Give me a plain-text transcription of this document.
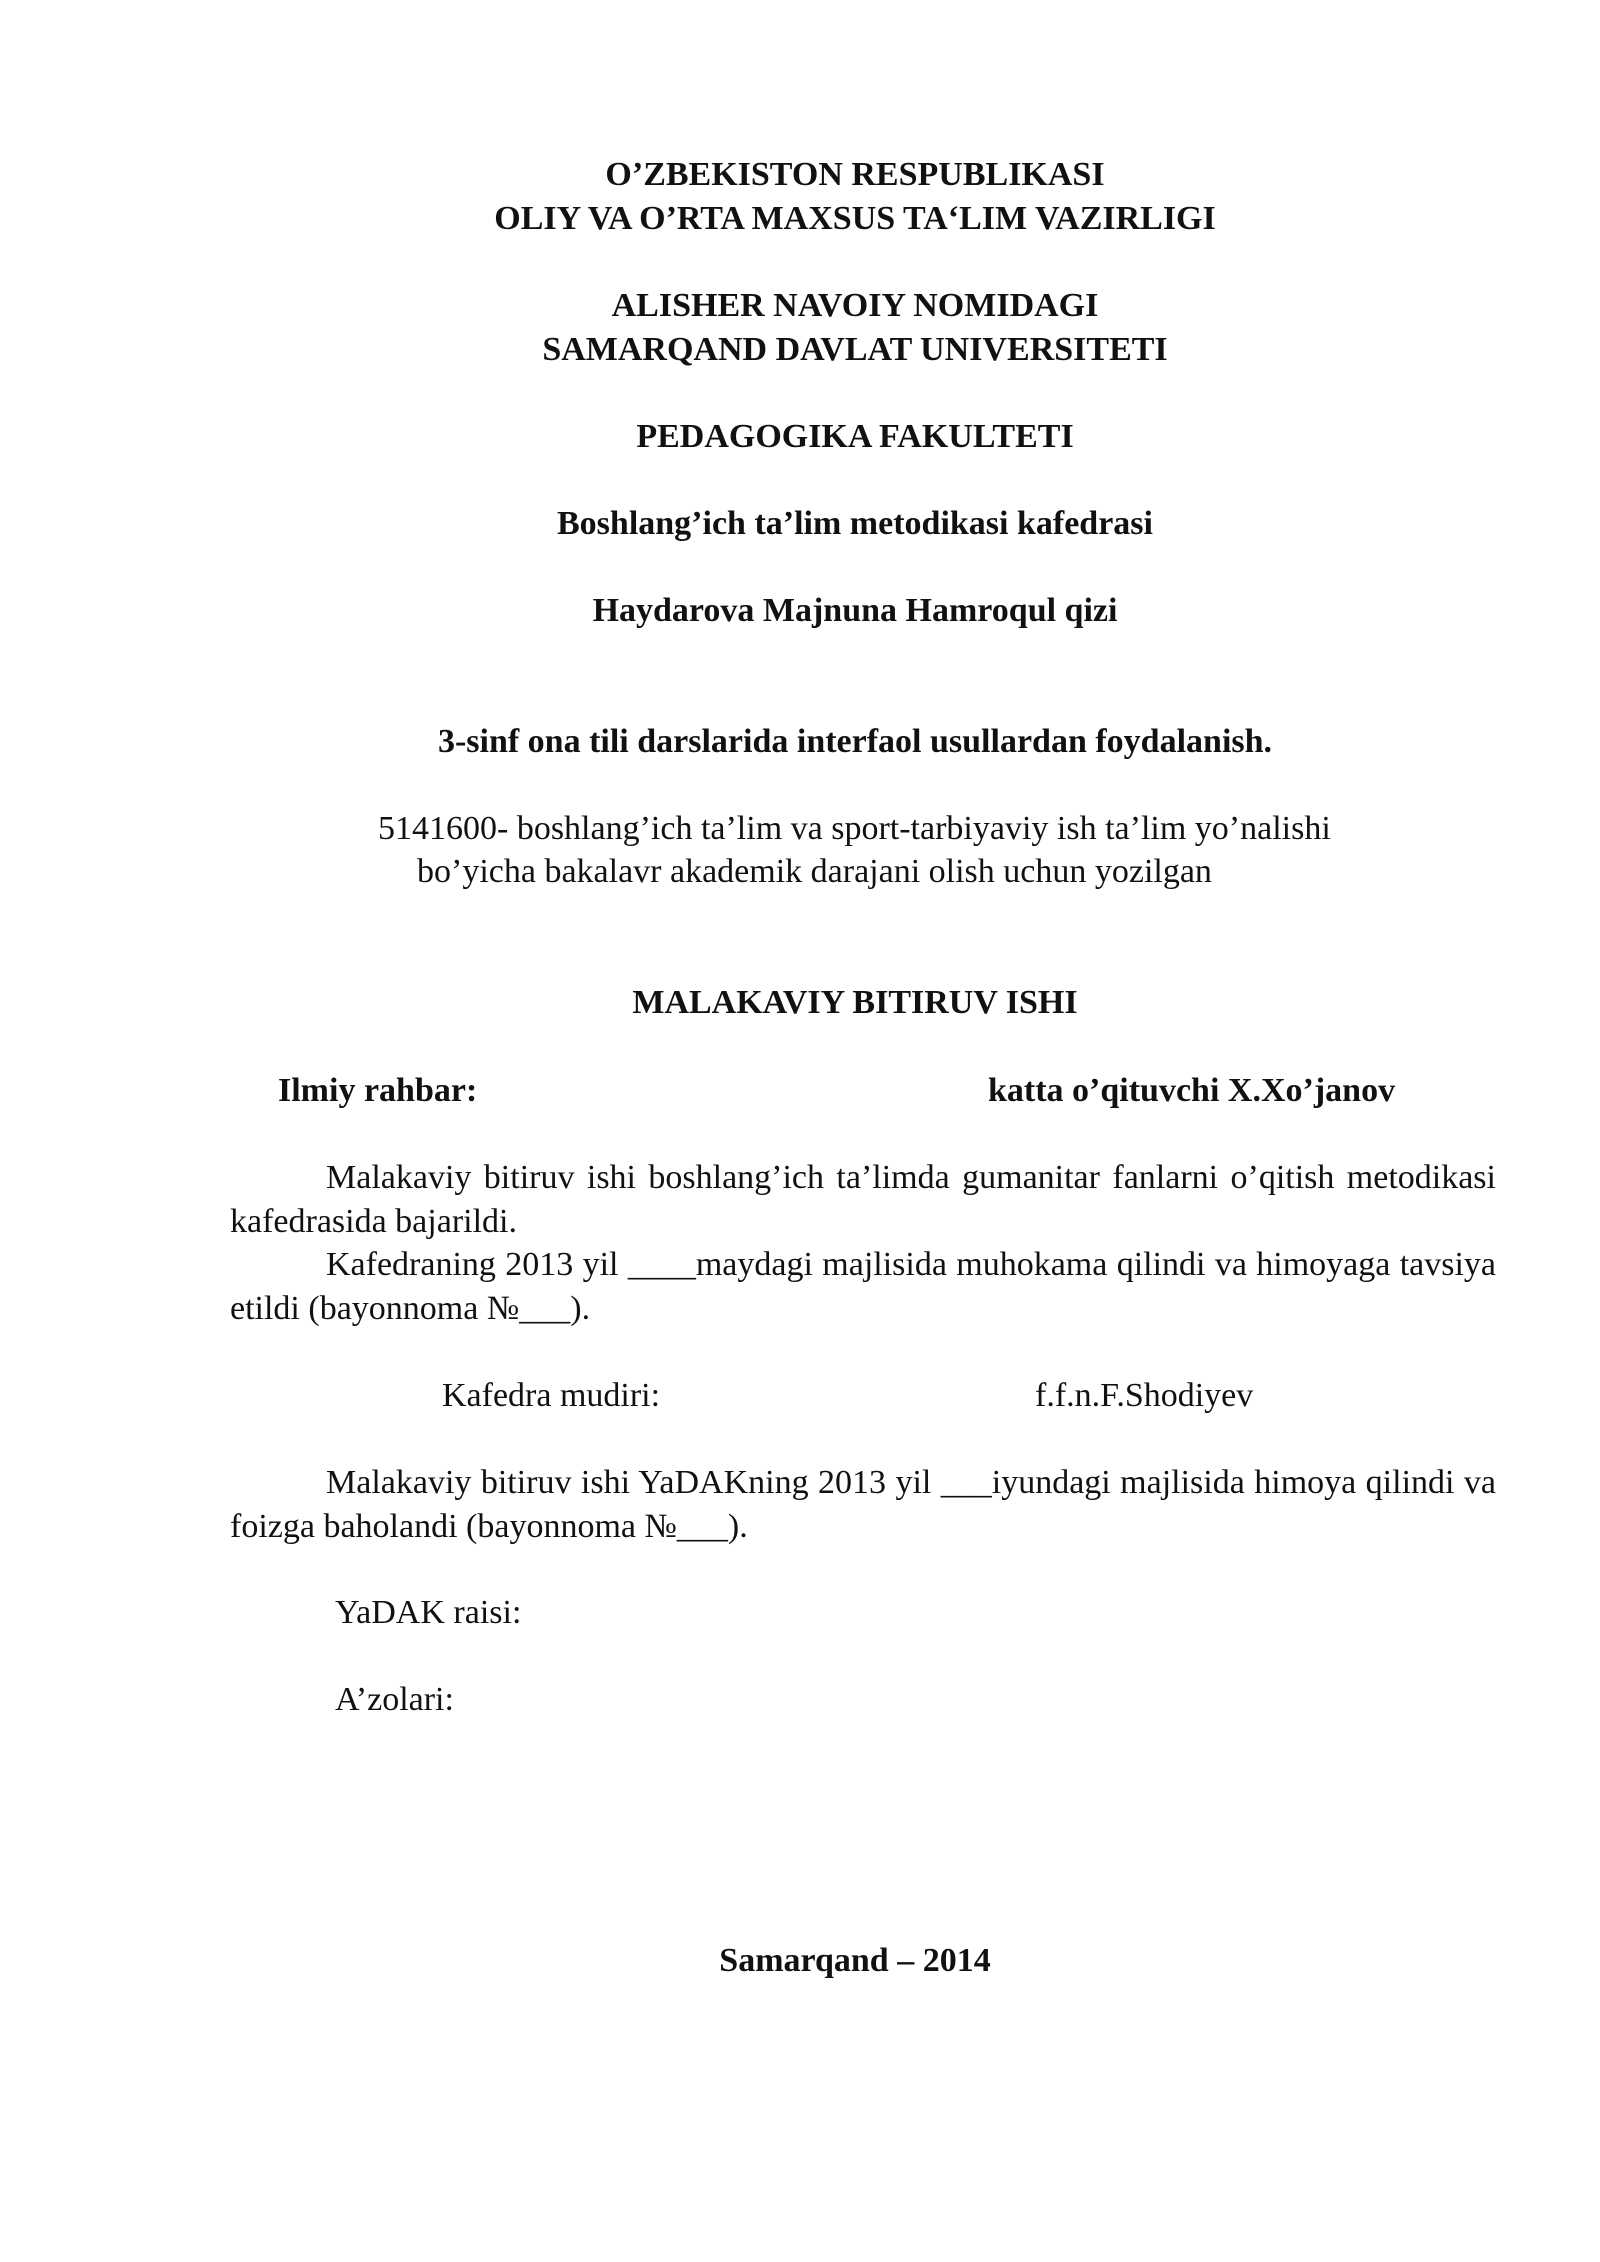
O’ZBEKISTON RESPUBLIKASI
OLIY VA O’RTA MAXSUS TA‘LIM VAZIRLIGI
ALISHER NAVOIY NOMIDAGI
SAMARQAND DAVLAT UNIVERSITETI
PEDAGOGIKA FAKULTETI
Boshlang’ich ta’lim metodikasi kafedrasi
Haydarova Majnuna Hamroqul qizi
3-sinf ona tili darslarida interfaol usullardan foydalanish.
5141600- boshlang’ich ta’lim va sport-tarbiyaviy ish ta’lim yo’nalishi
bo’yicha bakalavr akademik darajani olish uchun yozilgan
MALAKAVIY BITIRUV ISHI
Ilmiy rahbar:	katta o’qituvchi X.Xo’janov
Malakaviy bitiruv ishi boshlang’ich ta’limda gumanitar fanlarni o’qitish metodikasi kafedrasida bajarildi.
Kafedraning 2013 yil ____maydagi majlisida muhokama qilindi va himoyaga tavsiya etildi (bayonnoma №___).
Kafedra mudiri:	f.f.n.F.Shodiyev
Malakaviy bitiruv ishi YaDAKning 2013 yil ___iyundagi majlisida himoya qilindi va foizga baholandi (bayonnoma №___).
YaDAK raisi:
A’zolari:
Samarqand – 2014
